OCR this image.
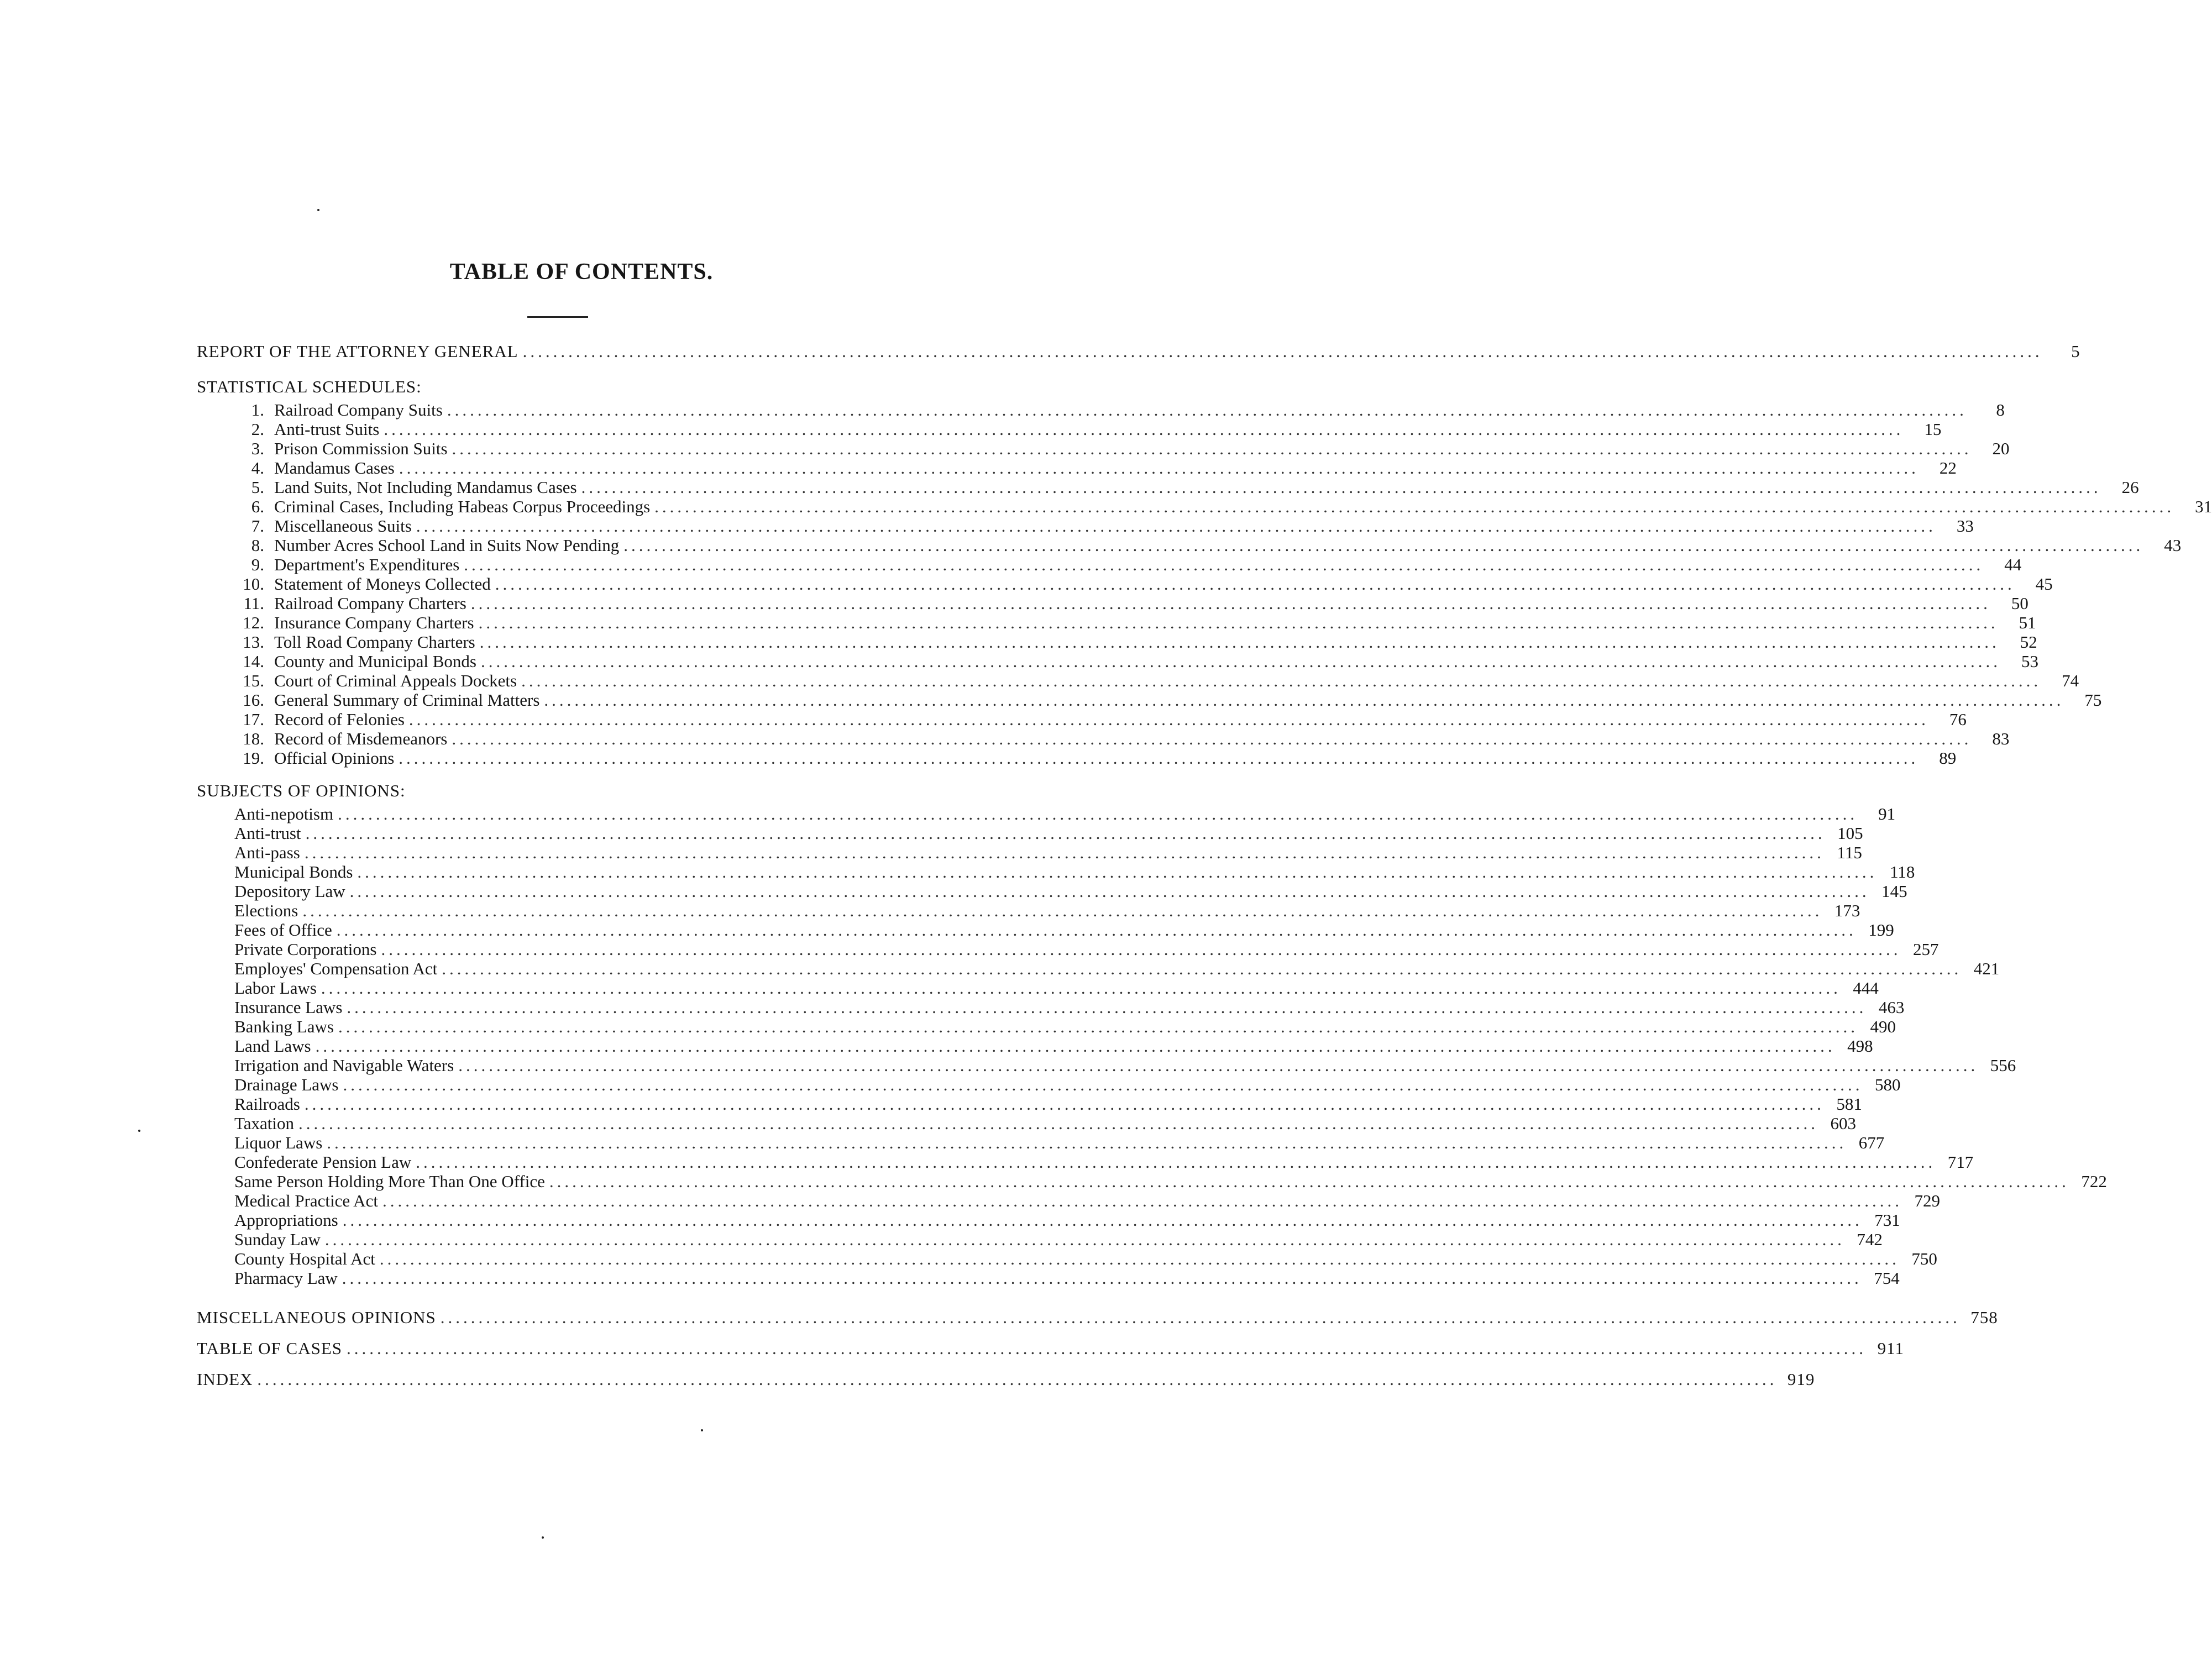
TABLE OF CONTENTS.
REPORT OF THE ATTORNEY GENERAL ........................................................................................................................................................................................................	5
STATISTICAL SCHEDULES:
1. Railroad Company Suits ........................................................................................................................................................................................................	8
2. Anti-trust Suits ........................................................................................................................................................................................................	15
3. Prison Commission Suits ........................................................................................................................................................................................................	20
4. Mandamus Cases ........................................................................................................................................................................................................	22
5. Land Suits, Not Including Mandamus Cases ........................................................................................................................................................................................................	26
6. Criminal Cases, Including Habeas Corpus Proceedings ........................................................................................................................................................................................................	31
7. Miscellaneous Suits ........................................................................................................................................................................................................	33
8. Number Acres School Land in Suits Now Pending ........................................................................................................................................................................................................	43
9. Department's Expenditures ........................................................................................................................................................................................................	44
10. Statement of Moneys Collected ........................................................................................................................................................................................................	45
11. Railroad Company Charters ........................................................................................................................................................................................................	50
12. Insurance Company Charters ........................................................................................................................................................................................................	51
13. Toll Road Company Charters ........................................................................................................................................................................................................	52
14. County and Municipal Bonds ........................................................................................................................................................................................................	53
15. Court of Criminal Appeals Dockets ........................................................................................................................................................................................................	74
16. General Summary of Criminal Matters ........................................................................................................................................................................................................	75
17. Record of Felonies ........................................................................................................................................................................................................	76
18. Record of Misdemeanors ........................................................................................................................................................................................................	83
19. Official Opinions ........................................................................................................................................................................................................	89
SUBJECTS OF OPINIONS:
Anti-nepotism ........................................................................................................................................................................................................	91
Anti-trust ........................................................................................................................................................................................................ 105
Anti-pass ........................................................................................................................................................................................................ 115
Municipal Bonds ........................................................................................................................................................................................................ 118
Depository Law ........................................................................................................................................................................................................ 145
Elections ........................................................................................................................................................................................................ 173
Fees of Office ........................................................................................................................................................................................................ 199
Private Corporations ........................................................................................................................................................................................................ 257
Employes' Compensation Act ........................................................................................................................................................................................................ 421
Labor Laws ........................................................................................................................................................................................................ 444
Insurance Laws ........................................................................................................................................................................................................ 463
Banking Laws ........................................................................................................................................................................................................ 490
Land Laws ........................................................................................................................................................................................................ 498
Irrigation and Navigable Waters ........................................................................................................................................................................................................ 556
Drainage Laws ........................................................................................................................................................................................................ 580
Railroads ........................................................................................................................................................................................................ 581
Taxation ........................................................................................................................................................................................................ 603
Liquor Laws ........................................................................................................................................................................................................ 677
Confederate Pension Law ........................................................................................................................................................................................................ 717
Same Person Holding More Than One Office ........................................................................................................................................................................................................ 722
Medical Practice Act ........................................................................................................................................................................................................ 729
Appropriations ........................................................................................................................................................................................................ 731
Sunday Law ........................................................................................................................................................................................................ 742
County Hospital Act ........................................................................................................................................................................................................ 750
Pharmacy Law ........................................................................................................................................................................................................ 754
MISCELLANEOUS OPINIONS ........................................................................................................................................................................................................ 758
TABLE OF CASES ........................................................................................................................................................................................................ 911
INDEX ........................................................................................................................................................................................................ 919
